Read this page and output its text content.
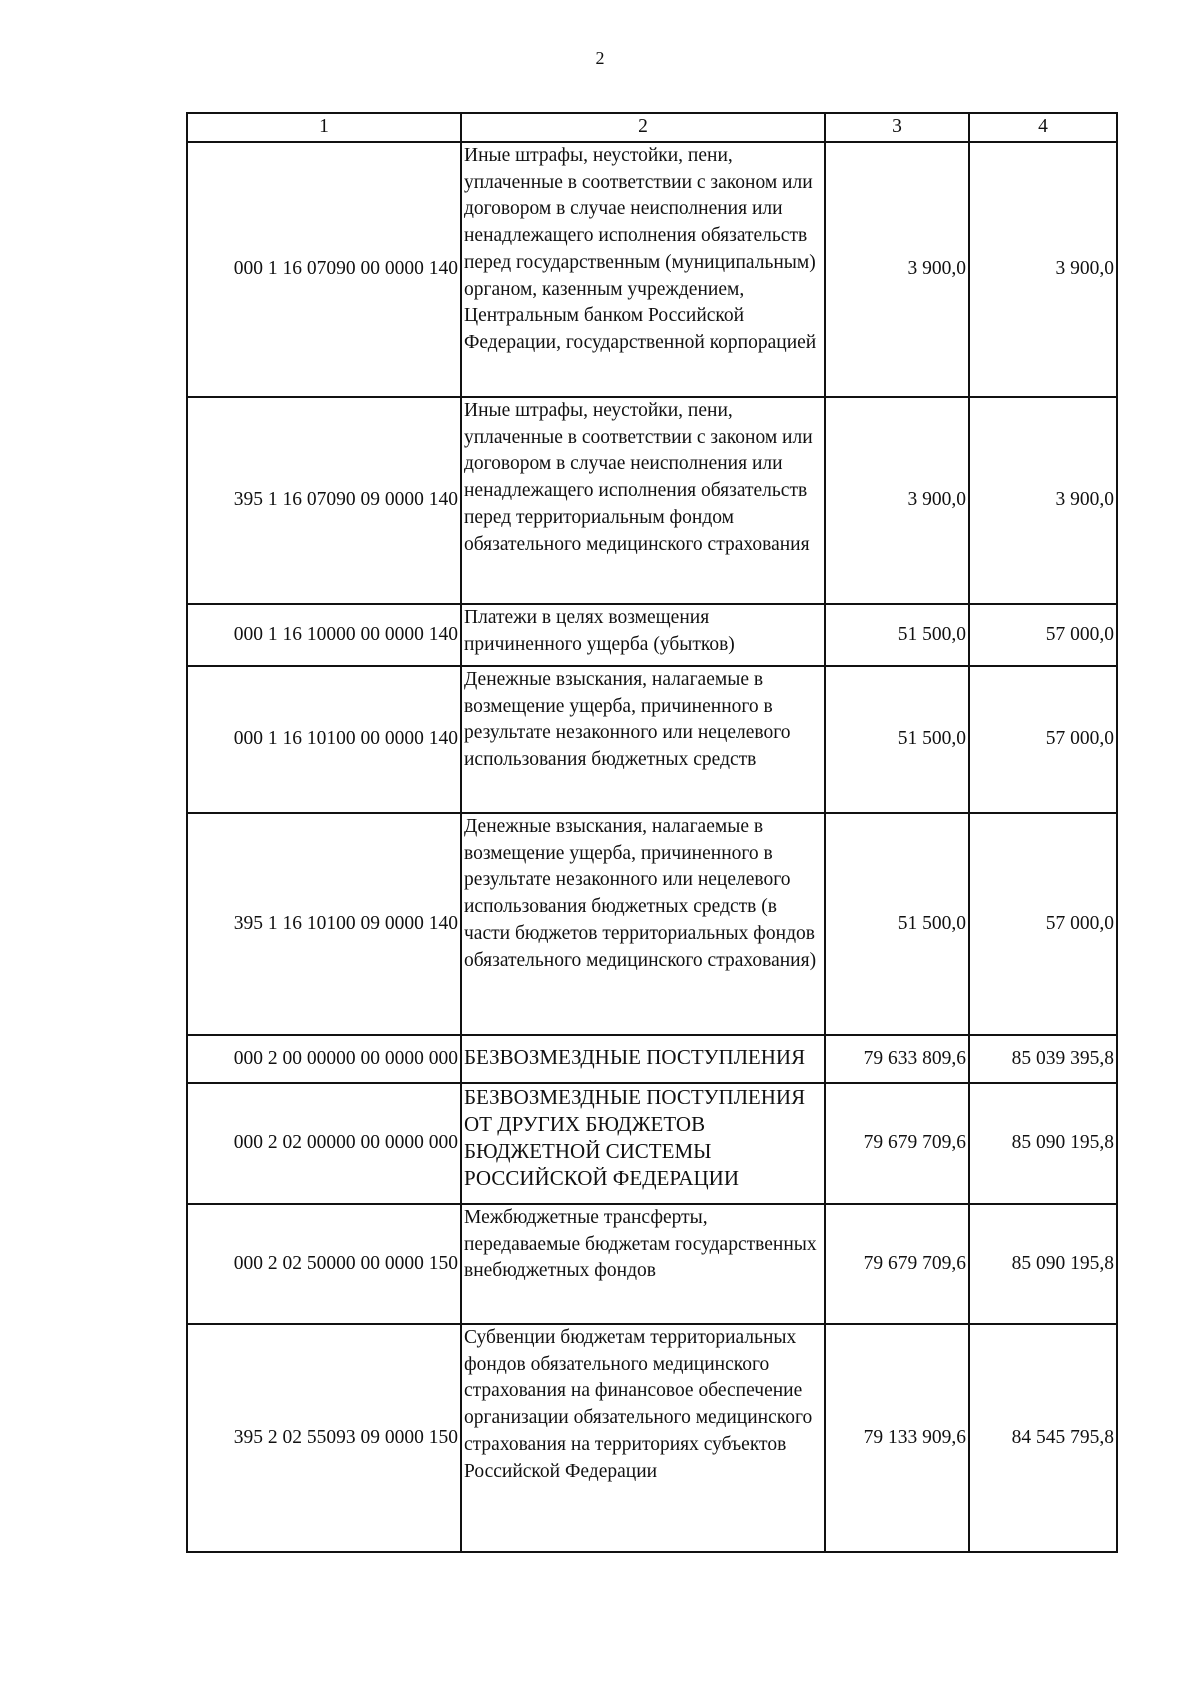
2
1	2	3	4
000 1 16 07090 00 0000 140	Иные штрафы, неустойки, пени, уплаченные в соответствии с законом или договором в случае неисполнения или ненадлежащего исполнения обязательств перед государственным (муниципальным) органом, казенным учреждением, Центральным банком Российской Федерации, государственной корпорацией	3 900,0	3 900,0
395 1 16 07090 09 0000 140	Иные штрафы, неустойки, пени, уплаченные в соответствии с законом или договором в случае неисполнения или ненадлежащего исполнения обязательств перед территориальным фондом обязательного медицинского страхования	3 900,0	3 900,0
000 1 16 10000 00 0000 140	Платежи в целях возмещения причиненного ущерба (убытков)	51 500,0	57 000,0
000 1 16 10100 00 0000 140	Денежные взыскания, налагаемые в возмещение ущерба, причиненного в результате незаконного или нецелевого использования бюджетных средств	51 500,0	57 000,0
395 1 16 10100 09 0000 140	Денежные взыскания, налагаемые в возмещение ущерба, причиненного в результате незаконного или нецелевого использования бюджетных средств (в части бюджетов территориальных фондов обязательного медицинского страхования)	51 500,0	57 000,0
000 2 00 00000 00 0000 000	БЕЗВОЗМЕЗДНЫЕ ПОСТУПЛЕНИЯ	79 633 809,6	85 039 395,8
000 2 02 00000 00 0000 000	БЕЗВОЗМЕЗДНЫЕ ПОСТУПЛЕНИЯ ОТ ДРУГИХ БЮДЖЕТОВ БЮДЖЕТНОЙ СИСТЕМЫ РОССИЙСКОЙ ФЕДЕРАЦИИ	79 679 709,6	85 090 195,8
000 2 02 50000 00 0000 150	Межбюджетные трансферты, передаваемые бюджетам государственных внебюджетных фондов	79 679 709,6	85 090 195,8
395 2 02 55093 09 0000 150	Субвенции бюджетам территориальных фондов обязательного медицинского страхования на финансовое обеспечение организации обязательного медицинского страхования на территориях субъектов Российской Федерации	79 133 909,6	84 545 795,8
